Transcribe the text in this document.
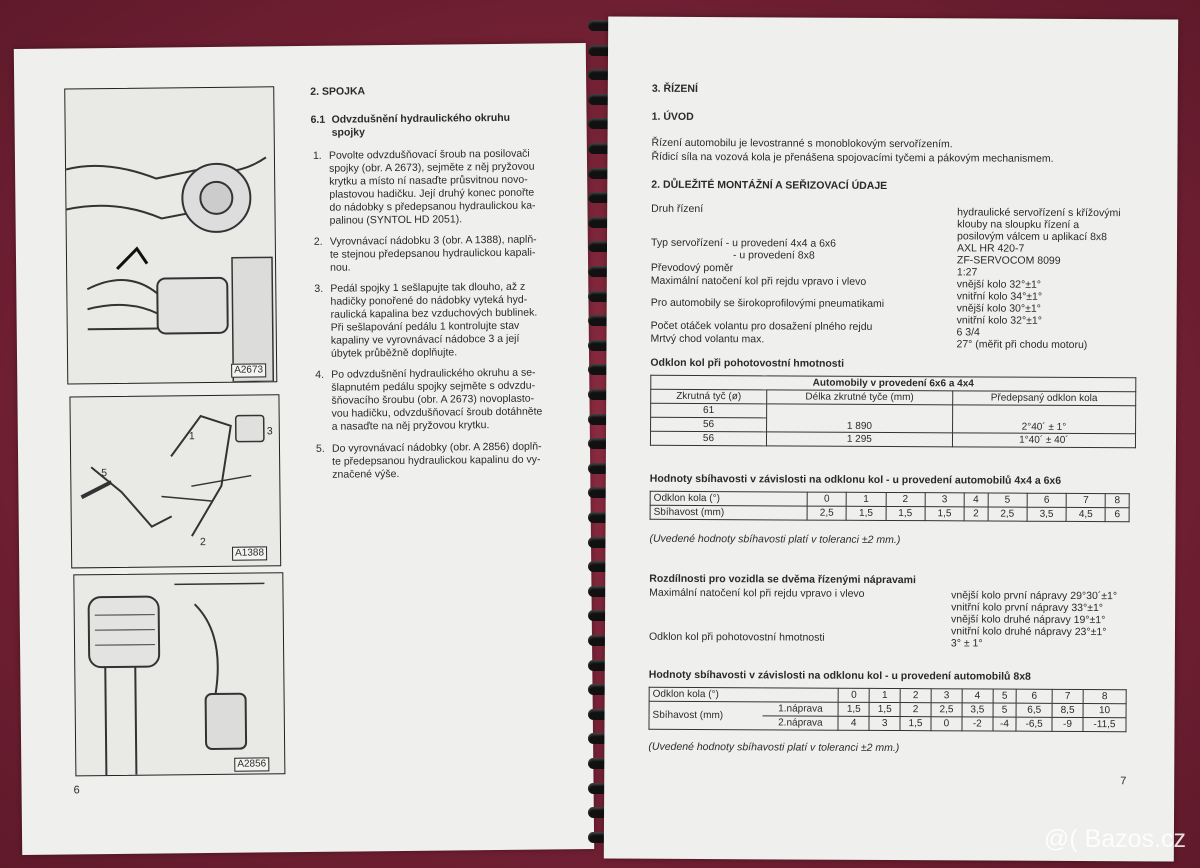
A2673
1	3
5
2
A1388
A2856
2. SPOJKA
6.1 Odvzdušnění hydraulického okruhu
spojky
1. Povolte odvzdušňovací šroub na posilovači
spojky (obr. A 2673), sejměte z něj pryžovou
krytku a místo ní nasaďte průsvitnou novo-
plastovou hadičku. Její druhý konec ponořte
do nádobky s předepsanou hydraulickou ka-
palinou (SYNTOL HD 2051).
2. Vyrovnávací nádobku 3 (obr. A 1388), naplň-
te stejnou předepsanou hydraulickou kapali-
nou.
3. Pedál spojky 1 sešlapujte tak dlouho, až z
hadičky ponořené do nádobky vyteká hyd-
raulická kapalina bez vzduchových bublinek.
Při sešlapování pedálu 1 kontrolujte stav
kapaliny ve vyrovnávací nádobce 3 a její
úbytek průběžně doplňujte.
4. Po odvzdušnění hydraulického okruhu a se-
šlapnutém pedálu spojky sejměte s odvzdu-
šňovacího šroubu (obr. A 2673) novoplasto-
vou hadičku, odvzdušňovací šroub dotáhněte
a nasaďte na něj pryžovou krytku.
5. Do vyrovnávací nádobky (obr. A 2856) doplň-
te předepsanou hydraulickou kapalinu do vy-
značené výše.
6
3. ŘÍZENÍ
1. ÚVOD
Řízení automobilu je levostranné s monoblokovým servořízením.
Řídicí síla na vozová kola je přenášena spojovacími tyčemi a pákovým mechanismem.
2. DŮLEŽITÉ MONTÁŽNÍ A SEŘIZOVACÍ ÚDAJE
Druh řízení	hydraulické servořízení s křížovými
klouby na sloupku řízení a
posilovým válcem u aplikací 8x8
Typ servořízení - u provedení 4x4 a 6x6	AXL HR 420-7
- u provedení 8x8	ZF-SERVOCOM 8099
Převodový poměr	1:27
Maximální natočení kol při rejdu vpravo i vlevo	vnější kolo 32°±1°
vnitřní kolo 34°±1°
Pro automobily se širokoprofilovými pneumatikami	vnější kolo 30°±1°
vnitřní kolo 32°±1°
Počet otáček volantu pro dosažení plného rejdu	6 3/4
Mrtvý chod volantu max.	27° (měřit při chodu motoru)
Odklon kol při pohotovostní hmotnosti
Automobily v provedení 6x6 a 4x4		
Zkrutná tyč (ø)	Délka zkrutné tyče (mm)	Předepsaný odklon kola
61	1 890	2°40´ ± 1°
56		
56	1 295	1°40´ ± 40´
Hodnoty sbíhavosti v závislosti na odklonu kol - u provedení automobilů 4x4 a 6x6
Odklon kola (°)	0	1	2	3	4	5	6	7	8
Sbíhavost (mm)	2,5	1,5	1,5	1,5	2	2,5	3,5	4,5	6
(Uvedené hodnoty sbíhavosti platí v toleranci ±2 mm.)
Rozdílnosti pro vozidla se dvěma řízenými nápravami
Maximální natočení kol při rejdu vpravo i vlevo	vnější kolo první nápravy 29°30´±1°
vnitřní kolo první nápravy 33°±1°
vnější kolo druhé nápravy 19°±1°
vnitřní kolo druhé nápravy 23°±1°
Odklon kol při pohotovostní hmotnosti	3° ± 1°
Hodnoty sbíhavosti v závislosti na odklonu kol - u provedení automobilů 8x8
Odklon kola (°)		0	1	2	3	4	5	6	7	8
Sbíhavost (mm)	1.náprava	1,5	1,5	2	2,5	3,5	5	6,5	8,5	10
	2.náprava	4	3	1,5	0	-2	-4	-6,5	-9	-11,5
(Uvedené hodnoty sbíhavosti platí v toleranci ±2 mm.)
7
@( Bazos.cz
